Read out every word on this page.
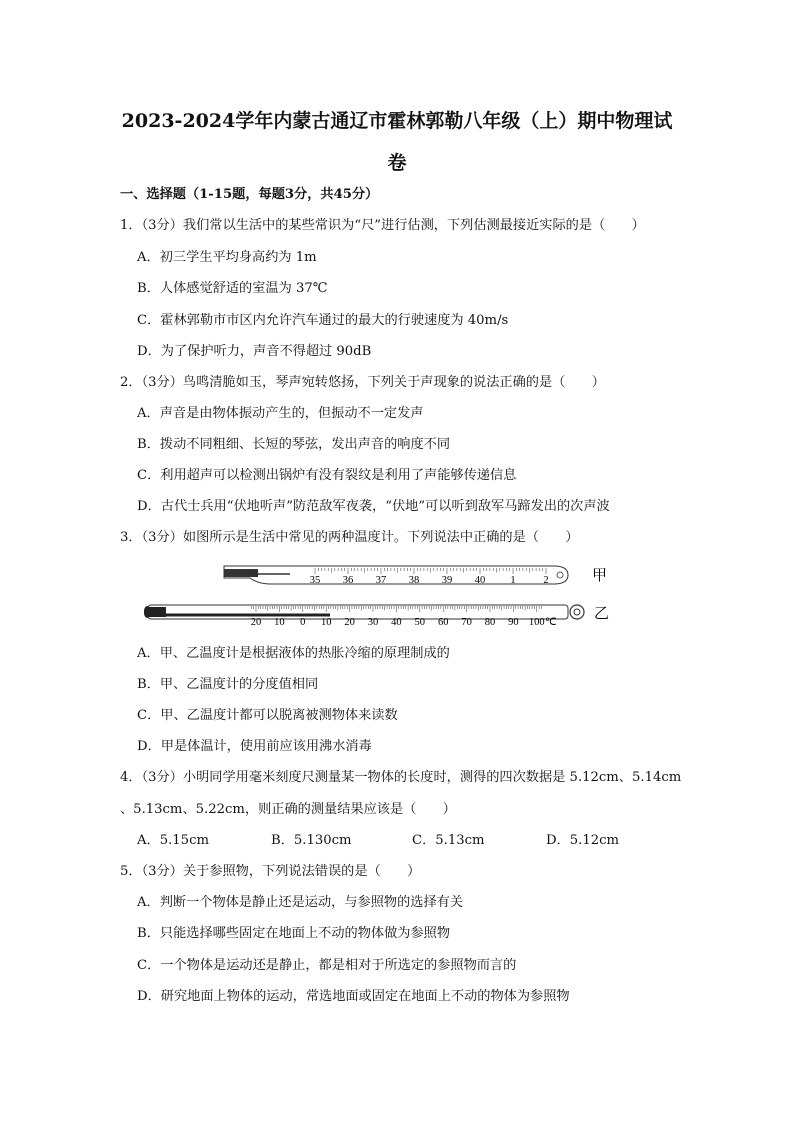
2023-2024学年内蒙古通辽市霍林郭勒八年级（上）期中物理试
卷
一、选择题（1-15题，每题3分，共45分）
1．（3分）我们常以生活中的某些常识为“尺”进行估测，下列估测最接近实际的是（　　）
A．初三学生平均身高约为 1m
B．人体感觉舒适的室温为 37℃
C．霍林郭勒市市区内允许汽车通过的最大的行驶速度为 40m/s
D．为了保护听力，声音不得超过 90dB
2．（3分）鸟鸣清脆如玉，琴声宛转悠扬，下列关于声现象的说法正确的是（　　）
A．声音是由物体振动产生的，但振动不一定发声
B．拨动不同粗细、长短的琴弦，发出声音的响度不同
C．利用超声可以检测出锅炉有没有裂纹是利用了声能够传递信息
D．古代士兵用“伏地听声”防范敌军夜袭，“伏地”可以听到敌军马蹄发出的次声波
3．（3分）如图所示是生活中常见的两种温度计。下列说法中正确的是（　　）
35 36 37 38 39 40 1	2	甲
20 10 0 10 20 30 40 50 60 70 80 90 100 ℃
乙
A．甲、乙温度计是根据液体的热胀冷缩的原理制成的
B．甲、乙温度计的分度值相同
C．甲、乙温度计都可以脱离被测物体来读数
D．甲是体温计，使用前应该用沸水消毒
4．（3分）小明同学用毫米刻度尺测量某一物体的长度时，测得的四次数据是 5.12cm、5.14cm
、5.13cm、5.22cm，则正确的测量结果应该是（　　）
A．5.15cm	B．5.130cm	C．5.13cm	D．5.12cm
5．（3分）关于参照物，下列说法错误的是（　　）
A．判断一个物体是静止还是运动，与参照物的选择有关
B．只能选择哪些固定在地面上不动的物体做为参照物
C．一个物体是运动还是静止，都是相对于所选定的参照物而言的
D．研究地面上物体的运动，常选地面或固定在地面上不动的物体为参照物
